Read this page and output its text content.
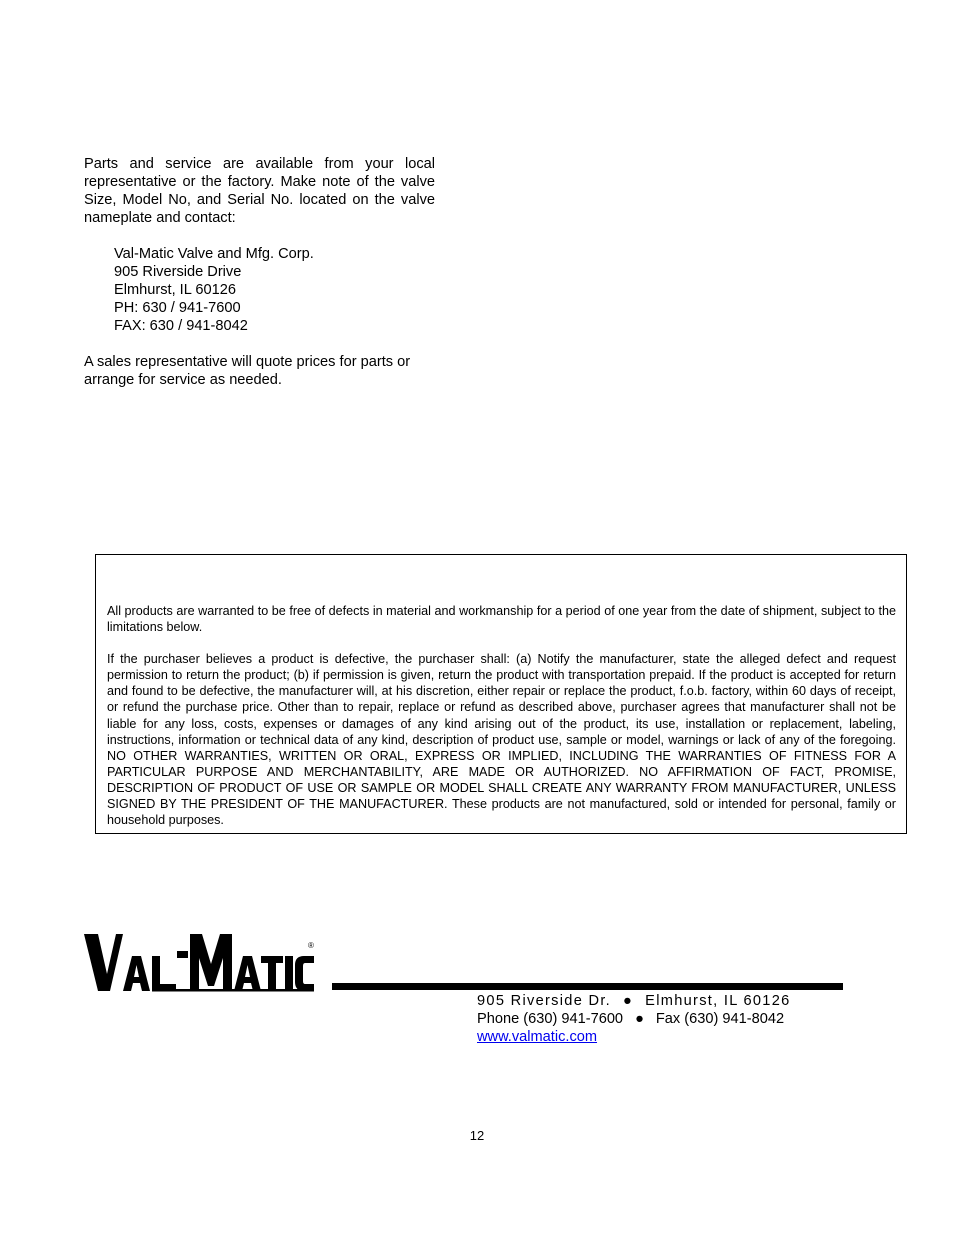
Parts and service are available from your local representative or the factory. Make note of the valve Size, Model No, and Serial No. located on the valve nameplate and contact:

Val-Matic Valve and Mfg. Corp.
905 Riverside Drive
Elmhurst, IL 60126
PH: 630 / 941-7600
FAX: 630 / 941-8042

A sales representative will quote prices for parts or arrange for service as needed.

All products are warranted to be free of defects in material and workmanship for a period of one year from the date of shipment, subject to the limitations below.

If the purchaser believes a product is defective, the purchaser shall: (a) Notify the manufacturer, state the alleged defect and request permission to return the product; (b) if permission is given, return the product with transportation prepaid. If the product is accepted for return and found to be defective, the manufacturer will, at his discretion, either repair or replace the product, f.o.b. factory, within 60 days of receipt, or refund the purchase price. Other than to repair, replace or refund as described above, purchaser agrees that manufacturer shall not be liable for any loss, costs, expenses or damages of any kind arising out of the product, its use, installation or replacement, labeling, instructions, information or technical data of any kind, description of product use, sample or model, warnings or lack of any of the foregoing. NO OTHER WARRANTIES, WRITTEN OR ORAL, EXPRESS OR IMPLIED, INCLUDING THE WARRANTIES OF FITNESS FOR A PARTICULAR PURPOSE AND MERCHANTABILITY, ARE MADE OR AUTHORIZED. NO AFFIRMATION OF FACT, PROMISE, DESCRIPTION OF PRODUCT OF USE OR SAMPLE OR MODEL SHALL CREATE ANY WARRANTY FROM MANUFACTURER, UNLESS SIGNED BY THE PRESIDENT OF THE MANUFACTURER. These products are not manufactured, sold or intended for personal, family or household purposes.

®
905 Riverside Dr. ● Elmhurst, IL 60126
Phone (630) 941-7600 ● Fax (630) 941-8042
www.valmatic.com
12
